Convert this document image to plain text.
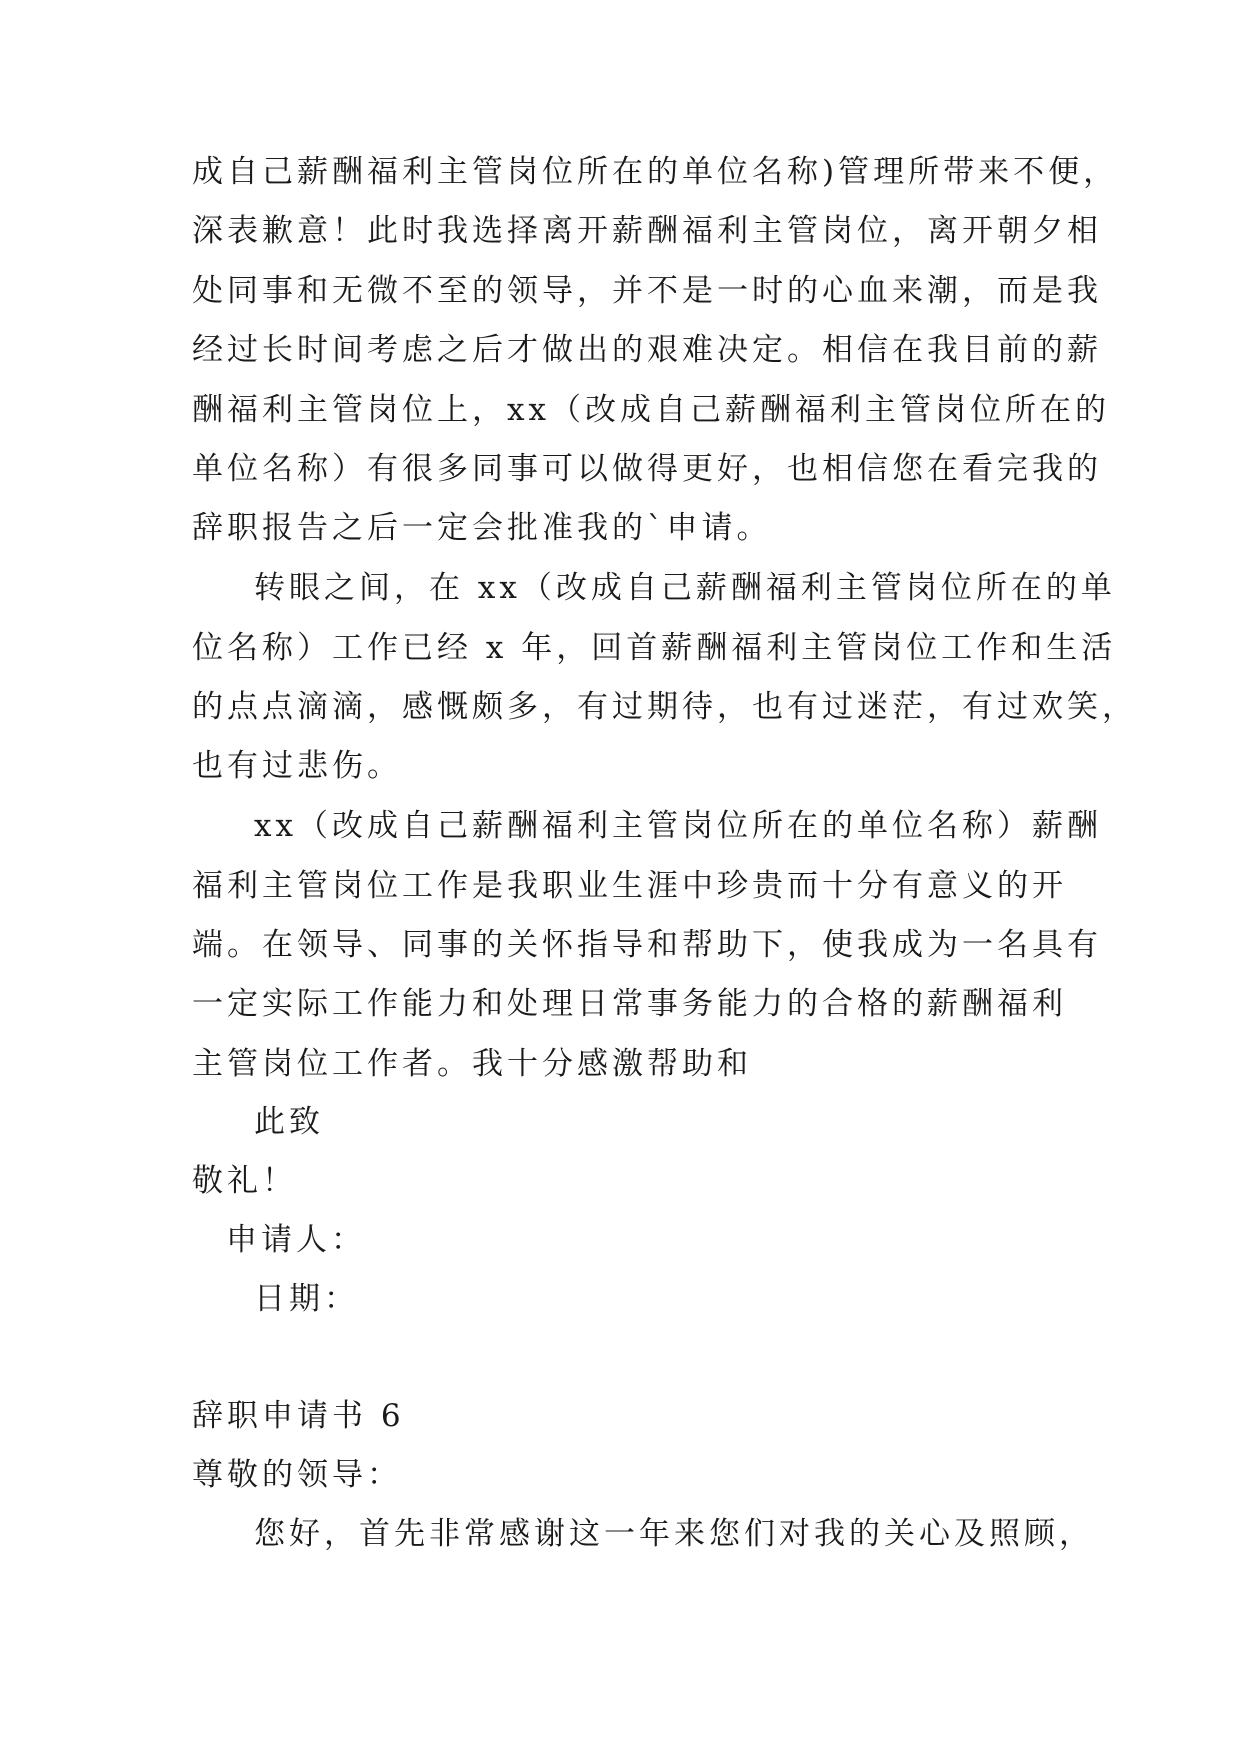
成自己薪酬福利主管岗位所在的单位名称)管理所带来不便，
深表歉意！此时我选择离开薪酬福利主管岗位，离开朝夕相
处同事和无微不至的领导，并不是一时的心血来潮，而是我
经过长时间考虑之后才做出的艰难决定。相信在我目前的薪
酬福利主管岗位上，xx（改成自己薪酬福利主管岗位所在的
单位名称）有很多同事可以做得更好，也相信您在看完我的
辞职报告之后一定会批准我的`申请。
转眼之间，在 xx（改成自己薪酬福利主管岗位所在的单
位名称）工作已经 x 年，回首薪酬福利主管岗位工作和生活
的点点滴滴，感慨颇多，有过期待，也有过迷茫，有过欢笑，
也有过悲伤。
xx（改成自己薪酬福利主管岗位所在的单位名称）薪酬
福利主管岗位工作是我职业生涯中珍贵而十分有意义的开
端。在领导、同事的关怀指导和帮助下，使我成为一名具有
一定实际工作能力和处理日常事务能力的合格的薪酬福利
主管岗位工作者。我十分感激帮助和
此致
敬礼！
申请人：
日期：
辞职申请书 6
尊敬的领导：
您好，首先非常感谢这一年来您们对我的关心及照顾，
